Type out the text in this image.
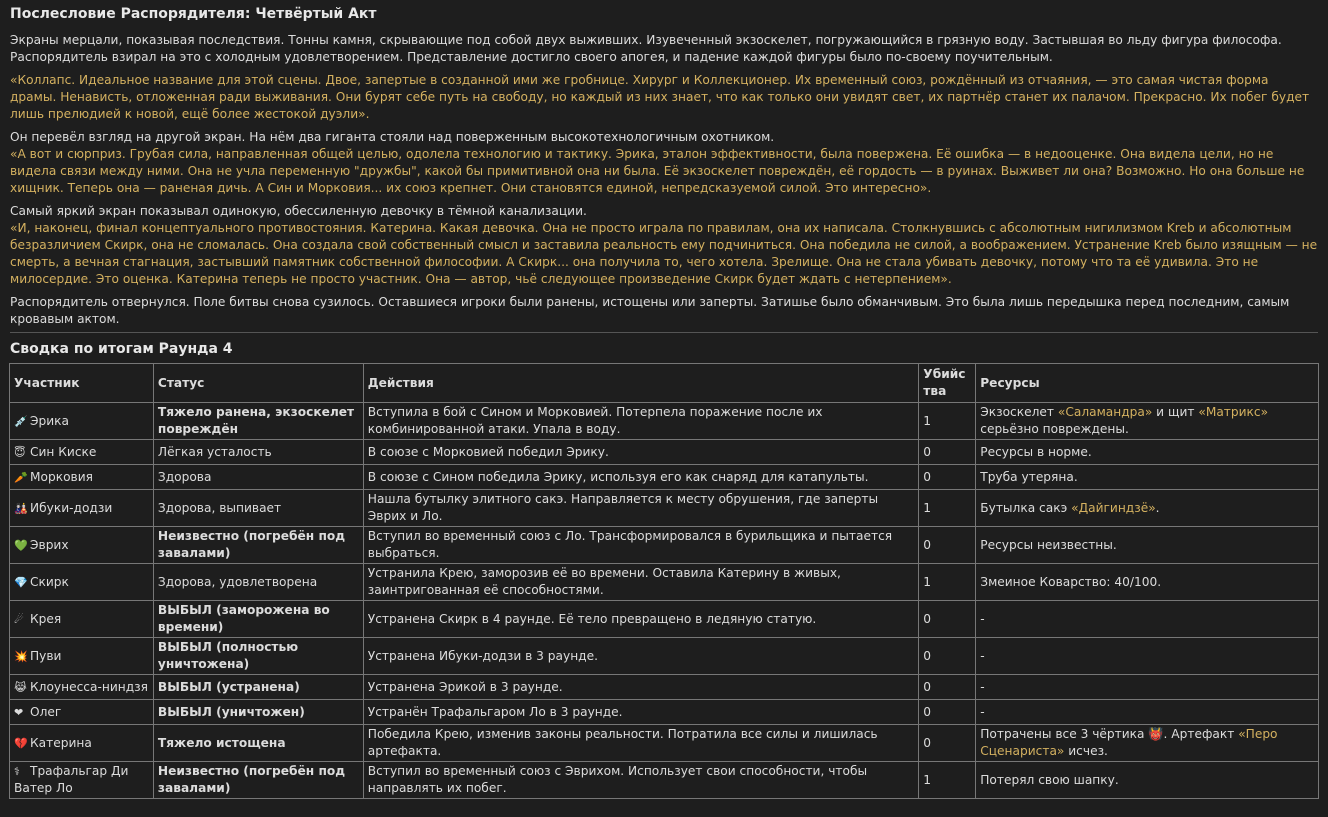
Послесловие Распорядителя: Четвёртый Акт

Экраны мерцали, показывая последствия. Тонны камня, скрывающие под собой двух выживших. Изувеченный экзоскелет, погружающийся в грязную воду. Застывшая во льду фигура философа. Распорядитель взирал на это с холодным удовлетворением. Представление достигло своего апогея, и падение каждой фигуры было по-своему поучительным.

«Коллапс. Идеальное название для этой сцены. Двое, запертые в созданной ими же гробнице. Хирург и Коллекционер. Их временный союз, рождённый из отчаяния, — это самая чистая форма драмы. Ненависть, отложенная ради выживания. Они бурят себе путь на свободу, но каждый из них знает, что как только они увидят свет, их партнёр станет их палачом. Прекрасно. Их побег будет лишь прелюдией к новой, ещё более жестокой дуэли».

Он перевёл взгляд на другой экран. На нём два гиганта стояли над поверженным высокотехнологичным охотником.

«А вот и сюрприз. Грубая сила, направленная общей целью, одолела технологию и тактику. Эрика, эталон эффективности, была повержена. Её ошибка — в недооценке. Она видела цели, но не видела связи между ними. Она не учла переменную "дружбы", какой бы примитивной она ни была. Её экзоскелет повреждён, её гордость — в руинах. Выживет ли она? Возможно. Но она больше не хищник. Теперь она — раненая дичь. А Син и Морковия... их союз крепнет. Они становятся единой, непредсказуемой силой. Это интересно».

Самый яркий экран показывал одинокую, обессиленную девочку в тёмной канализации.

«И, наконец, финал концептуального противостояния. Катерина. Какая девочка. Она не просто играла по правилам, она их написала. Столкнувшись с абсолютным нигилизмом Kreb и абсолютным безразличием Скирк, она не сломалась. Она создала свой собственный смысл и заставила реальность ему подчиниться. Она победила не силой, а воображением. Устранение Kreb было изящным — не смерть, а вечная стагнация, застывший памятник собственной философии. А Скирк... она получила то, чего хотела. Зрелище. Она не стала убивать девочку, потому что та её удивила. Это не милосердие. Это оценка. Катерина теперь не просто участник. Она — автор, чьё следующее произведение Скирк будет ждать с нетерпением».

Распорядитель отвернулся. Поле битвы снова сузилось. Оставшиеся игроки были ранены, истощены или заперты. Затишье было обманчивым. Это была лишь передышка перед последним, самым кровавым актом.

Сводка по итогам Раунда 4
Участник	Статус	Действия	Убийства	Ресурсы
💉 Эрика	Тяжело ранена, экзоскелет повреждён	Вступила в бой с Сином и Морковией. Потерпела поражение после их комбинированной атаки. Упала в воду.	1	Экзоскелет «Саламандра» и щит «Матрикс» серьёзно повреждены.
😇 Син Киске	Лёгкая усталость	В союзе с Морковией победил Эрику.	0	Ресурсы в норме.
🥕 Морковия	Здорова	В союзе с Сином победила Эрику, используя его как снаряд для катапульты.	0	Труба утеряна.
🎎 Ибуки-додзи	Здорова, выпивает	Нашла бутылку элитного сакэ. Направляется к месту обрушения, где заперты Эврих и Ло.	1	Бутылка сакэ «Дайгиндзё».
💚 Эврих	Неизвестно (погребён под завалами)	Вступил во временный союз с Ло. Трансформировался в бурильщика и пытается выбраться.	0	Ресурсы неизвестны.
💎 Скирк	Здорова, удовлетворена	Устранила Крею, заморозив её во времени. Оставила Катерину в живых, заинтригованная её способностями.	1	Змеиное Коварство: 40/100.
☄ Крея	ВЫБЫЛ (заморожена во времени)	Устранена Скирк в 4 раунде. Её тело превращено в ледяную статую.	0	-
💥 Пуви	ВЫБЫЛ (полностью уничтожена)	Устранена Ибуки-додзи в 3 раунде.	0	-
😹 Клоунесса-ниндзя	ВЫБЫЛ (устранена)	Устранена Эрикой в 3 раунде.	0	-
❤ Олег	ВЫБЫЛ (уничтожен)	Устранён Трафальгаром Ло в 3 раунде.	0	-
💔 Катерина	Тяжело истощена	Победила Крею, изменив законы реальности. Потратила все силы и лишилась артефакта.	0	Потрачены все 3 чёртика 👹. Артефакт «Перо Сценариста» исчез.
⚕ Трафальгар Ди Ватер Ло	Неизвестно (погребён под завалами)	Вступил во временный союз с Эврихом. Использует свои способности, чтобы направлять их побег.	1	Потерял свою шапку.
